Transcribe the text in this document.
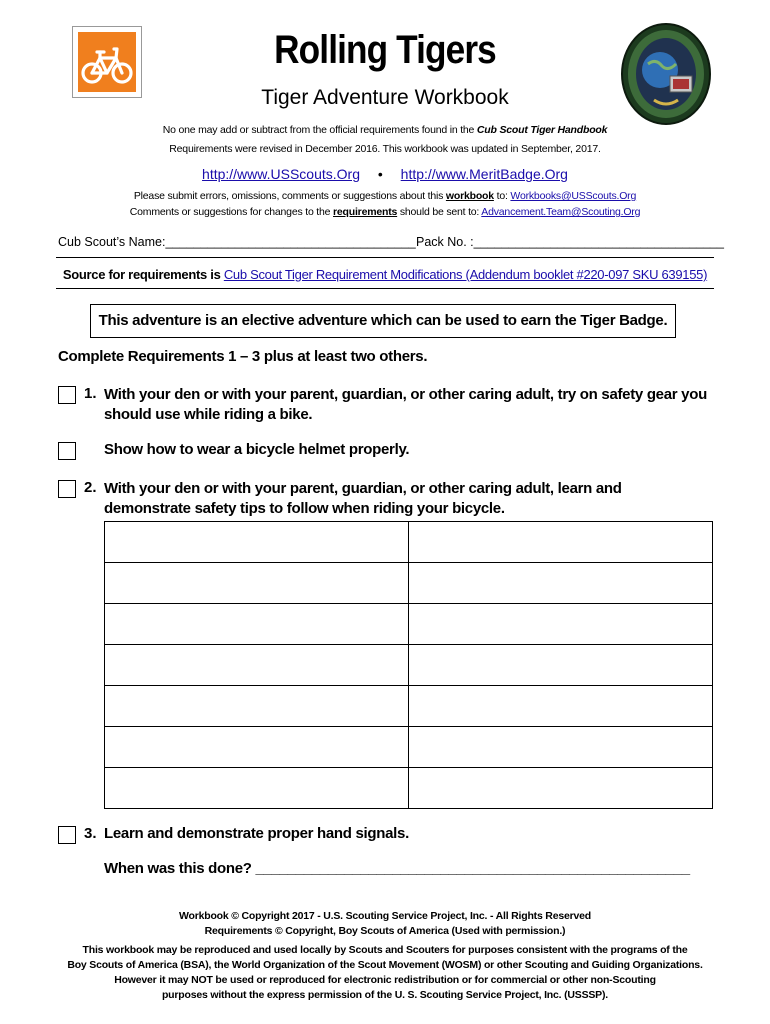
Rolling Tigers
Tiger Adventure Workbook
No one may add or subtract from the official requirements found in the Cub Scout Tiger Handbook
Requirements were revised in December 2016. This workbook was updated in September, 2017.
http://www.USScouts.Org • http://www.MeritBadge.Org
Please submit errors, omissions, comments or suggestions about this workbook to: Workbooks@USScouts.Org
Comments or suggestions for changes to the requirements should be sent to: Advancement.Team@Scouting.Org
Cub Scout’s Name:____________________________________ Pack No. :____________________________________
Source for requirements is Cub Scout Tiger Requirement Modifications (Addendum booklet #220-097 SKU 639155)
This adventure is an elective adventure which can be used to earn the Tiger Badge.
Complete Requirements 1 – 3 plus at least two others.
1. With your den or with your parent, guardian, or other caring adult, try on safety gear you
should use while riding a bike.
Show how to wear a bicycle helmet properly.
2. With your den or with your parent, guardian, or other caring adult, learn and
demonstrate safety tips to follow when riding your bicycle.

3. Learn and demonstrate proper hand signals.
When was this done? ______________________________________________________
Workbook © Copyright 2017 - U.S. Scouting Service Project, Inc. - All Rights Reserved
Requirements © Copyright, Boy Scouts of America (Used with permission.)
This workbook may be reproduced and used locally by Scouts and Scouters for purposes consistent with the programs of the
Boy Scouts of America (BSA), the World Organization of the Scout Movement (WOSM) or other Scouting and Guiding Organizations.
However it may NOT be used or reproduced for electronic redistribution or for commercial or other non-Scouting
purposes without the express permission of the U. S. Scouting Service Project, Inc. (USSSP).
